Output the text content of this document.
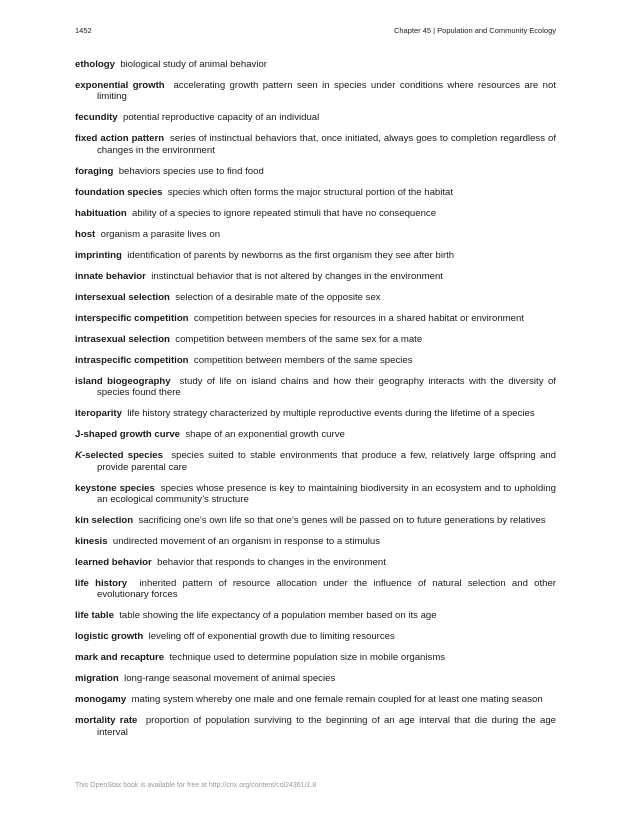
1452	Chapter 45 | Population and Community Ecology

ethology biological study of animal behavior

exponential growth accelerating growth pattern seen in species under conditions where resources are not limiting

fecundity potential reproductive capacity of an individual

fixed action pattern series of instinctual behaviors that, once initiated, always goes to completion regardless of changes in the environment

foraging behaviors species use to find food

foundation species species which often forms the major structural portion of the habitat

habituation ability of a species to ignore repeated stimuli that have no consequence

host organism a parasite lives on

imprinting identification of parents by newborns as the first organism they see after birth

innate behavior instinctual behavior that is not altered by changes in the environment

intersexual selection selection of a desirable mate of the opposite sex

interspecific competition competition between species for resources in a shared habitat or environment

intrasexual selection competition between members of the same sex for a mate

intraspecific competition competition between members of the same species

island biogeography study of life on island chains and how their geography interacts with the diversity of species found there

iteroparity life history strategy characterized by multiple reproductive events during the lifetime of a species

J-shaped growth curve shape of an exponential growth curve

K-selected species species suited to stable environments that produce a few, relatively large offspring and provide parental care

keystone species species whose presence is key to maintaining biodiversity in an ecosystem and to upholding an ecological community’s structure

kin selection sacrificing one’s own life so that one’s genes will be passed on to future generations by relatives

kinesis undirected movement of an organism in response to a stimulus

learned behavior behavior that responds to changes in the environment

life history inherited pattern of resource allocation under the influence of natural selection and other evolutionary forces

life table table showing the life expectancy of a population member based on its age

logistic growth leveling off of exponential growth due to limiting resources

mark and recapture technique used to determine population size in mobile organisms

migration long-range seasonal movement of animal species

monogamy mating system whereby one male and one female remain coupled for at least one mating season

mortality rate proportion of population surviving to the beginning of an age interval that die during the age interval

This OpenStax book is available for free at http://cnx.org/content/col24361/1.8
